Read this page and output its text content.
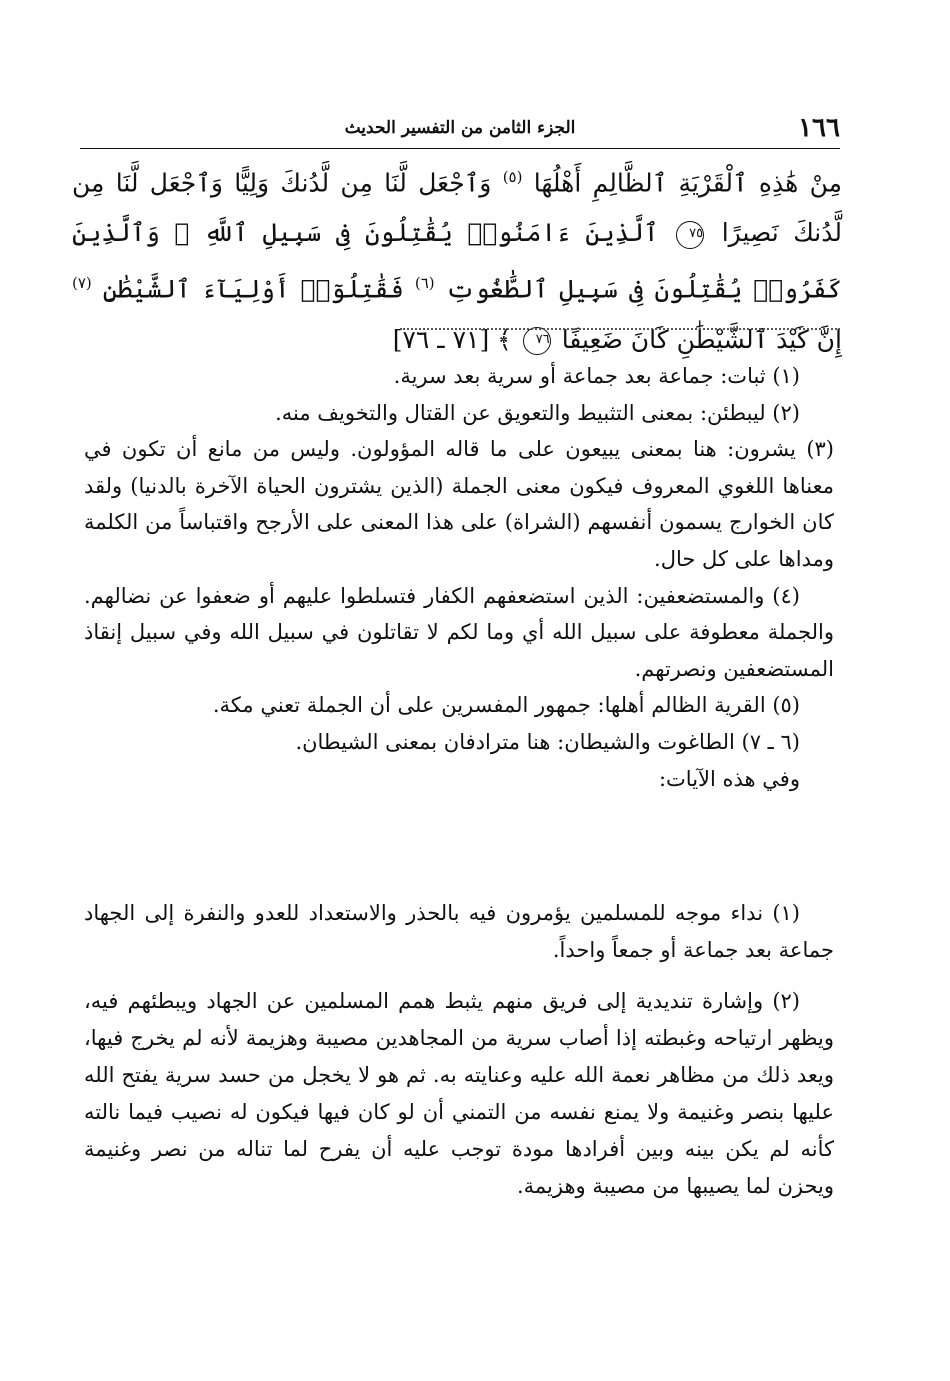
١٦٦
الجزء الثامن من التفسير الحديث

مِنْ هَٰذِهِ ٱلْقَرْيَةِ ٱلظَّالِمِ أَهْلُهَا $^{(٥)}$ وَٱجْعَل لَّنَا مِن لَّدُنكَ وَلِيًّا وَٱجْعَل لَّنَا مِن لَّدُنكَ نَصِيرًا ٧٥ ٱلَّذِينَ ءَامَنُوا۟ يُقَٰتِلُونَ فِى سَبِيلِ ٱللَّهِ ۖ وَٱلَّذِينَ كَفَرُوا۟ يُقَٰتِلُونَ فِى سَبِيلِ ٱلطَّٰغُوتِ $^{(٦)}$ فَقَٰتِلُوٓا۟ أَوْلِيَآءَ ٱلشَّيْطَٰنِ $^{(٧)}$ إِنَّ كَيْدَ ٱلشَّيْطَٰنِ كَانَ ضَعِيفًا ٧٦ ﴾ [٧١ ـ ٧٦]

(١) ثبات: جماعة بعد جماعة أو سرية بعد سرية.

(٢) ليبطئن: بمعنى التثبيط والتعويق عن القتال والتخويف منه.

(٣) يشرون: هنا بمعنى يبيعون على ما قاله المؤولون. وليس من مانع أن تكون في معناها اللغوي المعروف فيكون معنى الجملة (الذين يشترون الحياة الآخرة بالدنيا) ولقد كان الخوارج يسمون أنفسهم (الشراة) على هذا المعنى على الأرجح واقتباساً من الكلمة ومداها على كل حال.

(٤) والمستضعفين: الذين استضعفهم الكفار فتسلطوا عليهم أو ضعفوا عن نضالهم. والجملة معطوفة على سبيل الله أي وما لكم لا تقاتلون في سبيل الله وفي سبيل إنقاذ المستضعفين ونصرتهم.

(٥) القرية الظالم أهلها: جمهور المفسرين على أن الجملة تعني مكة.

(٦ ـ ٧) الطاغوت والشيطان: هنا مترادفان بمعنى الشيطان.

وفي هذه الآيات:

(١) نداء موجه للمسلمين يؤمرون فيه بالحذر والاستعداد للعدو والنفرة إلى الجهاد جماعة بعد جماعة أو جمعاً واحداً.

(٢) وإشارة تنديدية إلى فريق منهم يثبط همم المسلمين عن الجهاد ويبطئهم فيه، ويظهر ارتياحه وغبطته إذا أصاب سرية من المجاهدين مصيبة وهزيمة لأنه لم يخرج فيها، ويعد ذلك من مظاهر نعمة الله عليه وعنايته به. ثم هو لا يخجل من حسد سرية يفتح الله عليها بنصر وغنيمة ولا يمنع نفسه من التمني أن لو كان فيها فيكون له نصيب فيما نالته كأنه لم يكن بينه وبين أفرادها مودة توجب عليه أن يفرح لما تناله من نصر وغنيمة ويحزن لما يصيبها من مصيبة وهزيمة.
